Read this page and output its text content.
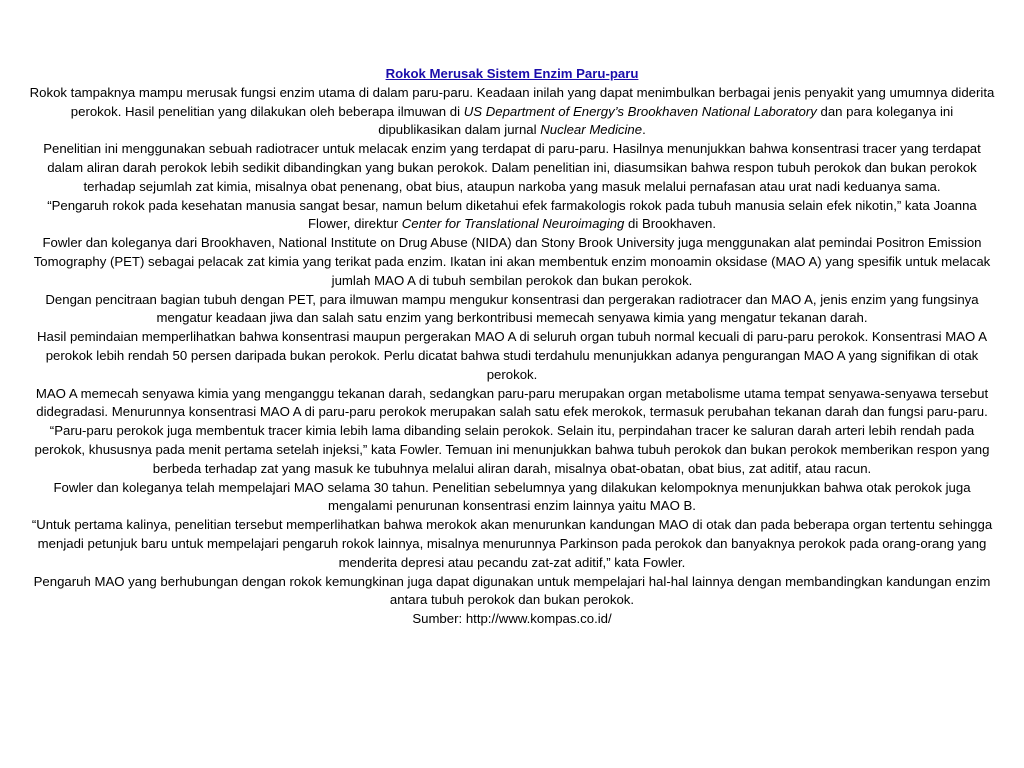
Rokok Merusak Sistem Enzim Paru-paru

Rokok tampaknya mampu merusak fungsi enzim utama di dalam paru-paru. Keadaan inilah yang dapat menimbulkan berbagai jenis penyakit yang umumnya diderita perokok. Hasil penelitian yang dilakukan oleh beberapa ilmuwan di US Department of Energy’s Brookhaven National Laboratory dan para koleganya ini dipublikasikan dalam jurnal Nuclear Medicine.

Penelitian ini menggunakan sebuah radiotracer untuk melacak enzim yang terdapat di paru-paru. Hasilnya menunjukkan bahwa konsentrasi tracer yang terdapat dalam aliran darah perokok lebih sedikit dibandingkan yang bukan perokok. Dalam penelitian ini, diasumsikan bahwa respon tubuh perokok dan bukan perokok terhadap sejumlah zat kimia, misalnya obat penenang, obat bius, ataupun narkoba yang masuk melalui pernafasan atau urat nadi keduanya sama.

“Pengaruh rokok pada kesehatan manusia sangat besar, namun belum diketahui efek farmakologis rokok pada tubuh manusia selain efek nikotin,” kata Joanna Flower, direktur Center for Translational Neuroimaging di Brookhaven.

Fowler dan koleganya dari Brookhaven, National Institute on Drug Abuse (NIDA) dan Stony Brook University juga menggunakan alat pemindai Positron Emission Tomography (PET) sebagai pelacak zat kimia yang terikat pada enzim. Ikatan ini akan membentuk enzim monoamin oksidase (MAO A) yang spesifik untuk melacak jumlah MAO A di tubuh sembilan perokok dan bukan perokok.

Dengan pencitraan bagian tubuh dengan PET, para ilmuwan mampu mengukur konsentrasi dan pergerakan radiotracer dan MAO A, jenis enzim yang fungsinya mengatur keadaan jiwa dan salah satu enzim yang berkontribusi memecah senyawa kimia yang mengatur tekanan darah.

Hasil pemindaian memperlihatkan bahwa konsentrasi maupun pergerakan MAO A di seluruh organ tubuh normal kecuali di paru-paru perokok. Konsentrasi MAO A perokok lebih rendah 50 persen daripada bukan perokok. Perlu dicatat bahwa studi terdahulu menunjukkan adanya pengurangan MAO A yang signifikan di otak perokok.

MAO A memecah senyawa kimia yang menganggu tekanan darah, sedangkan paru-paru merupakan organ metabolisme utama tempat senyawa-senyawa tersebut didegradasi. Menurunnya konsentrasi MAO A di paru-paru perokok merupakan salah satu efek merokok, termasuk perubahan tekanan darah dan fungsi paru-paru.

“Paru-paru perokok juga membentuk tracer kimia lebih lama dibanding selain perokok. Selain itu, perpindahan tracer ke saluran darah arteri lebih rendah pada perokok, khususnya pada menit pertama setelah injeksi,” kata Fowler. Temuan ini menunjukkan bahwa tubuh perokok dan bukan perokok memberikan respon yang berbeda terhadap zat yang masuk ke tubuhnya melalui aliran darah, misalnya obat-obatan, obat bius, zat aditif, atau racun.

Fowler dan koleganya telah mempelajari MAO selama 30 tahun. Penelitian sebelumnya yang dilakukan kelompoknya menunjukkan bahwa otak perokok juga mengalami penurunan konsentrasi enzim lainnya yaitu MAO B.

“Untuk pertama kalinya, penelitian tersebut memperlihatkan bahwa merokok akan menurunkan kandungan MAO di otak dan pada beberapa organ tertentu sehingga menjadi petunjuk baru untuk mempelajari pengaruh rokok lainnya, misalnya menurunnya Parkinson pada perokok dan banyaknya perokok pada orang-orang yang menderita depresi atau pecandu zat-zat aditif,” kata Fowler.

Pengaruh MAO yang berhubungan dengan rokok kemungkinan juga dapat digunakan untuk mempelajari hal-hal lainnya dengan membandingkan kandungan enzim antara tubuh perokok dan bukan perokok.

Sumber: http://www.kompas.co.id/
